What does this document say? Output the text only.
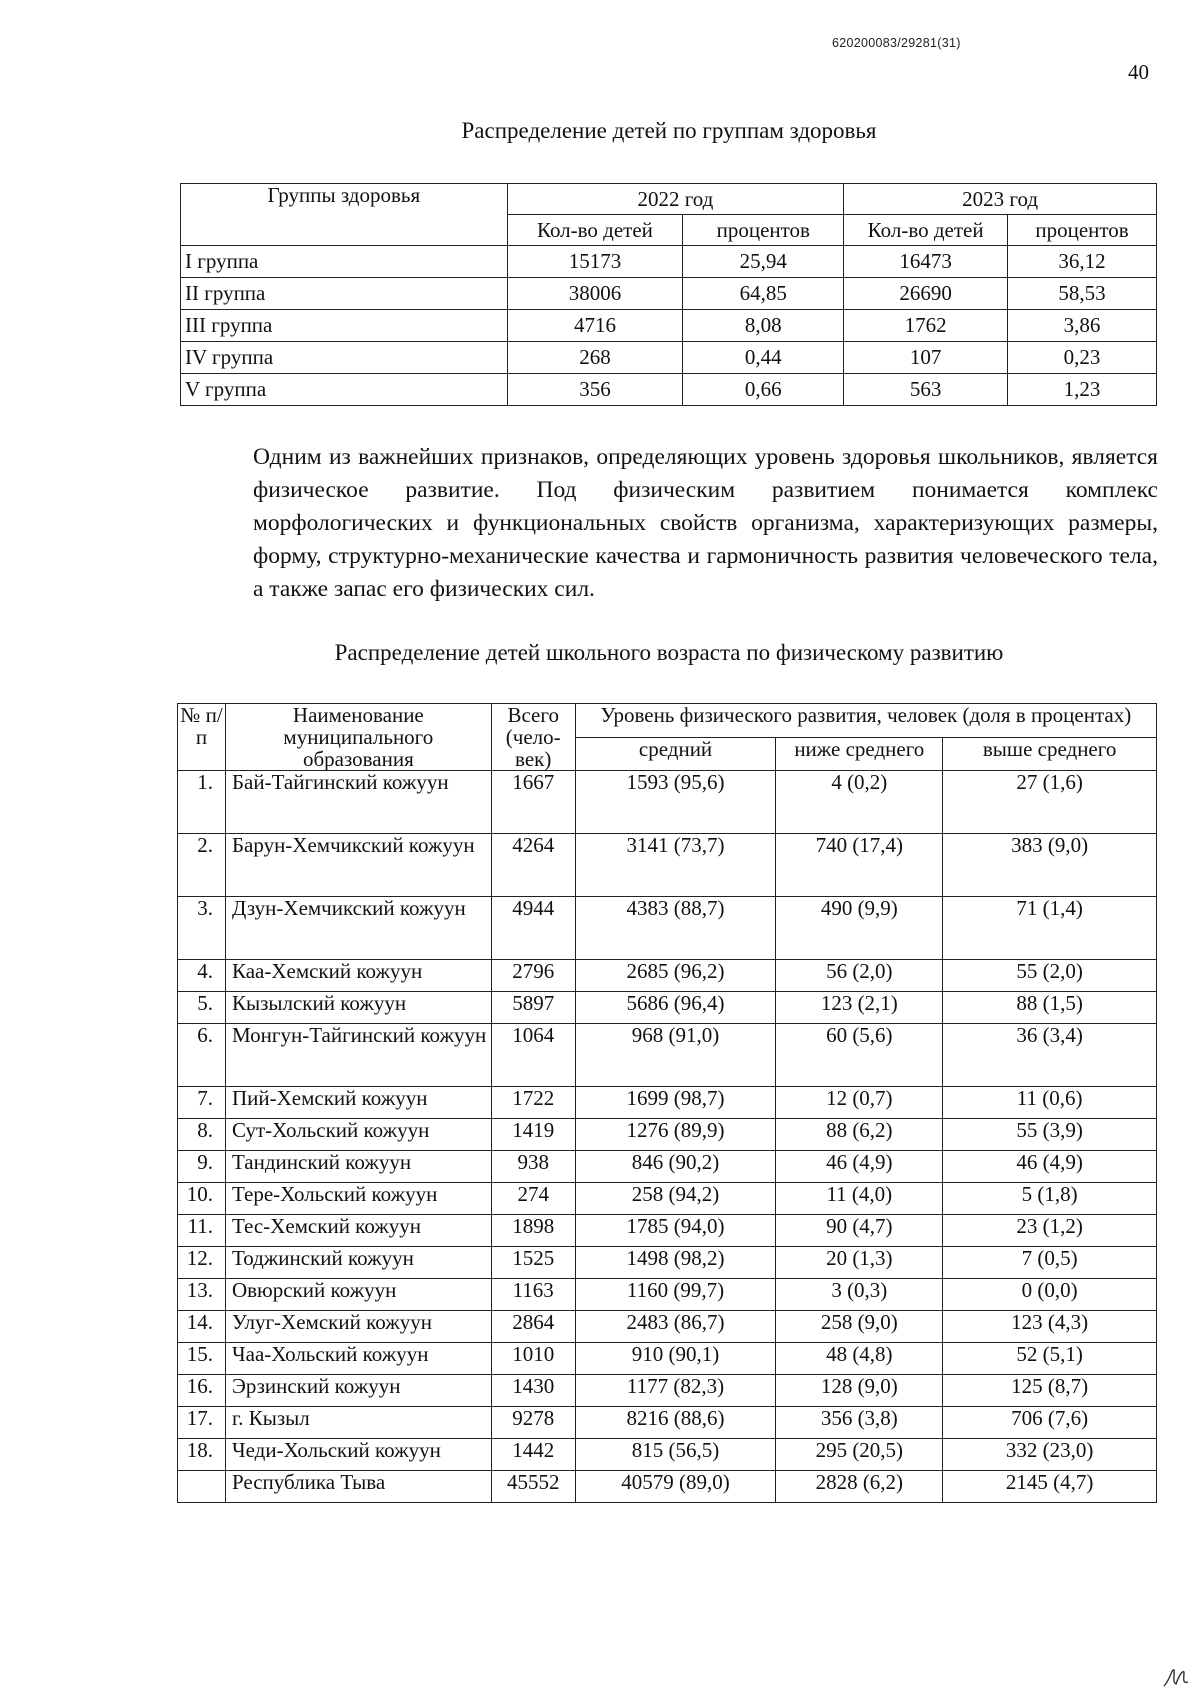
620200083/29281(31)
40
Распределение детей по группам здоровья
Группы здоровья	2022 год		2023 год	
	Кол-во детей	процентов	Кол-во детей	процентов
I группа	15173	25,94	16473	36,12
II группа	38006	64,85	26690	58,53
III группа	4716	8,08	1762	3,86
IV группа	268	0,44	107	0,23
V группа	356	0,66	563	1,23

Одним из важнейших признаков, определяющих уровень здоровья школьников, является физическое развитие. Под физическим развитием понимается комплекс морфологических и функциональных свойств организма, характеризующих размеры, форму, структурно-механические качества и гармоничность развития человеческого тела, а также запас его физических сил.

Распределение детей школьного возраста по физическому развитию
№ п/п	Наименование муниципального образования	Всего (чело-век)	Уровень физического развития, человек (доля в процентах)		
			средний	ниже среднего	выше среднего
1.	Бай-Тайгинский кожуун	1667	1593 (95,6)	4 (0,2)	27 (1,6)
2.	Барун-Хемчикский кожуун	4264	3141 (73,7)	740 (17,4)	383 (9,0)
3.	Дзун-Хемчикский кожуун	4944	4383 (88,7)	490 (9,9)	71 (1,4)
4.	Каа-Хемский кожуун	2796	2685 (96,2)	56 (2,0)	55 (2,0)
5.	Кызылский кожуун	5897	5686 (96,4)	123 (2,1)	88 (1,5)
6.	Монгун-Тайгинский кожуун	1064	968 (91,0)	60 (5,6)	36 (3,4)
7.	Пий-Хемский кожуун	1722	1699 (98,7)	12 (0,7)	11 (0,6)
8.	Сут-Хольский кожуун	1419	1276 (89,9)	88 (6,2)	55 (3,9)
9.	Тандинский кожуун	938	846 (90,2)	46 (4,9)	46 (4,9)
10.	Тере-Хольский кожуун	274	258 (94,2)	11 (4,0)	5 (1,8)
11.	Тес-Хемский кожуун	1898	1785 (94,0)	90 (4,7)	23 (1,2)
12.	Тоджинский кожуун	1525	1498 (98,2)	20 (1,3)	7 (0,5)
13.	Овюрский кожуун	1163	1160 (99,7)	3 (0,3)	0 (0,0)
14.	Улуг-Хемский кожуун	2864	2483 (86,7)	258 (9,0)	123 (4,3)
15.	Чаа-Хольский кожуун	1010	910 (90,1)	48 (4,8)	52 (5,1)
16.	Эрзинский кожуун	1430	1177 (82,3)	128 (9,0)	125 (8,7)
17.	г. Кызыл	9278	8216 (88,6)	356 (3,8)	706 (7,6)
18.	Чеди-Хольский кожуун	1442	815 (56,5)	295 (20,5)	332 (23,0)
	Республика Тыва	45552	40579 (89,0)	2828 (6,2)	2145 (4,7)
